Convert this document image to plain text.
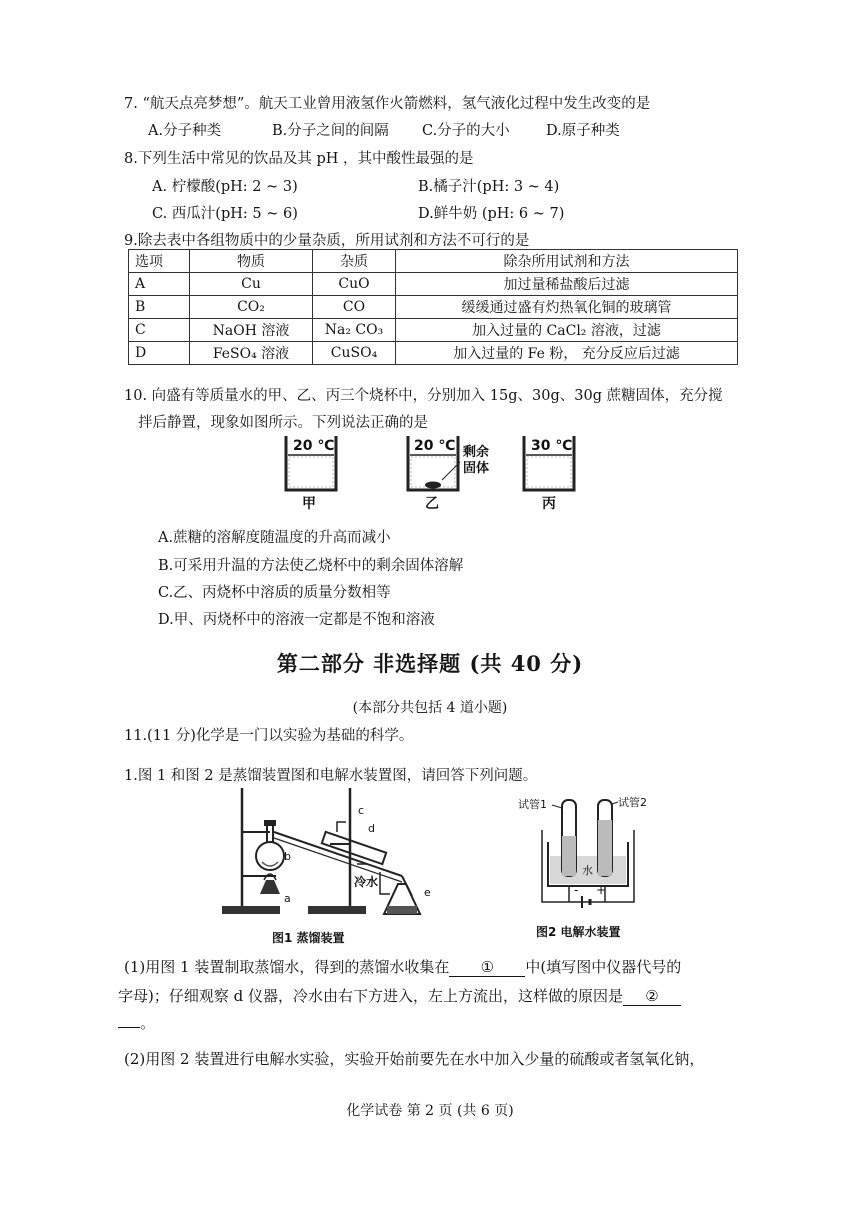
7. “航天点亮梦想”。航天工业曾用液氢作火箭燃料，氢气液化过程中发生改变的是
A.分子种类	B.分子之间的间隔 C.分子的大小	D.原子种类
8.下列生活中常见的饮品及其 pH ，其中酸性最强的是
A. 柠檬酸(pH: 2 ~ 3)	B.橘子汁(pH: 3 ~ 4)
C. 西瓜汁(pH: 5 ~ 6)	D.鲜牛奶 (pH: 6 ~ 7)
9.除去表中各组物质中的少量杂质，所用试剂和方法不可行的是
选项	物质	杂质	除杂所用试剂和方法
A	Cu	CuO	加过量稀盐酸后过滤
B	CO₂	CO	缓缓通过盛有灼热氧化铜的玻璃管
C	NaOH 溶液	Na₂ CO₃	加入过量的 CaCl₂ 溶液，过滤
D	FeSO₄ 溶液	CuSO₄	加入过量的 Fe 粉， 充分反应后过滤
10. 向盛有等质量水的甲、乙、丙三个烧杯中，分别加入 15g、30g、30g 蔗糖固体，充分搅
拌后静置，现象如图所示。下列说法正确的是
20 ℃
甲
20 ℃ 剩余
固体
乙
30 ℃
丙
A.蔗糖的溶解度随温度的升高而减小
B.可采用升温的方法使乙烧杯中的剩余固体溶解
C.乙、丙烧杯中溶质的质量分数相等
D.甲、丙烧杯中的溶液一定都是不饱和溶液
第二部分 非选择题 (共 40 分)
(本部分共包括 4 道小题)
11.(11 分)化学是一门以实验为基础的科学。
1.图 1 和图 2 是蒸馏装置图和电解水装置图，请回答下列问题。
b
a
c
d
e
冷水
图1 蒸馏装置
试管1	试管2
水
- +
图2 电解水装置
(1)用图 1 装置制取蒸馏水，得到的蒸馏水收集在 ① 中(填写图中仪器代号的
字母)；仔细观察 d 仪器，冷水由右下方进入，左上方流出，这样做的原因是 ②
。
(2)用图 2 装置进行电解水实验，实验开始前要先在水中加入少量的硫酸或者氢氧化钠，
化学试卷 第 2 页 (共 6 页)
